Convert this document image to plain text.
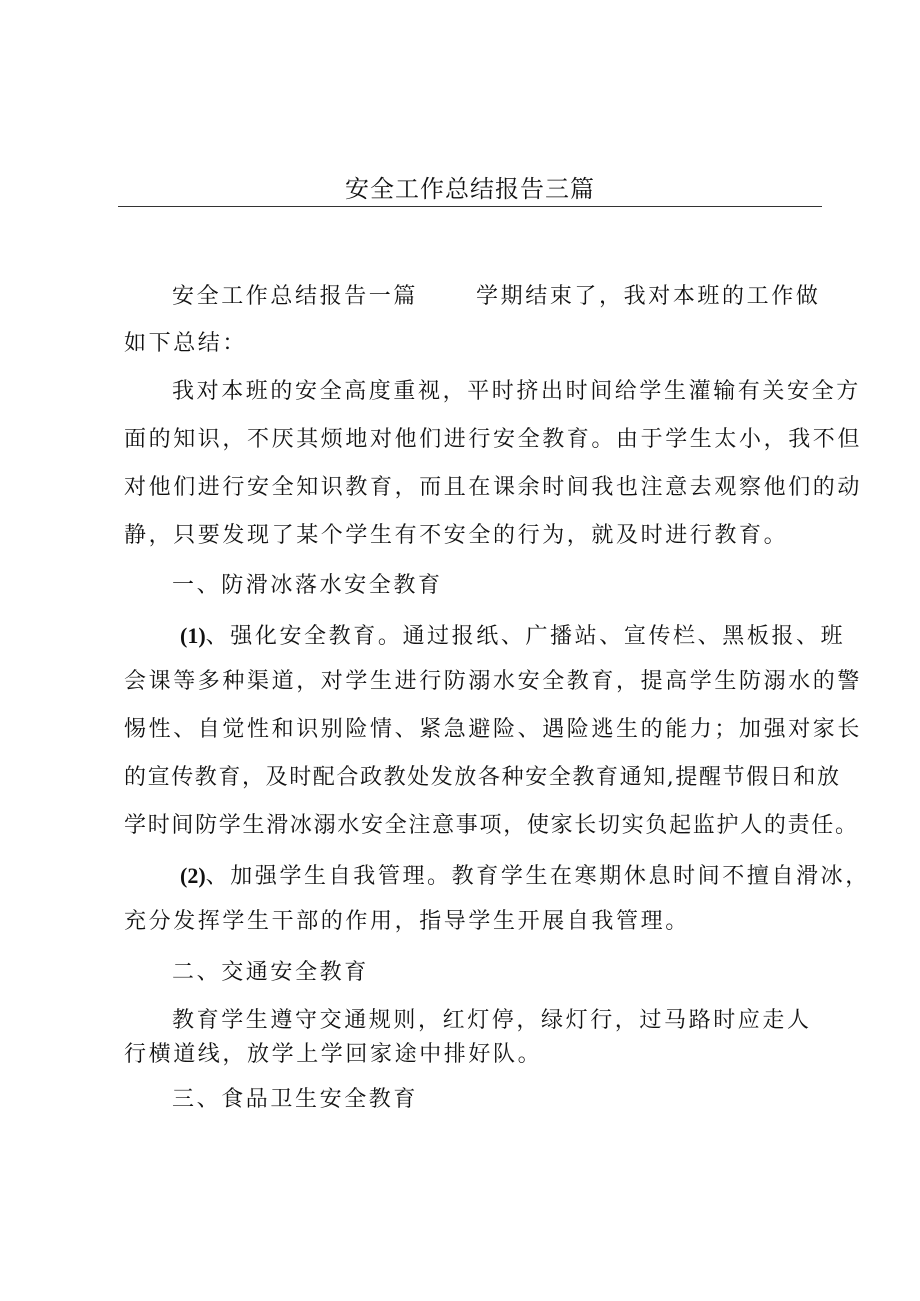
安全工作总结报告三篇
安全工作总结报告一篇	学期结束了，我对本班的工作做
如下总结：
我对本班的安全高度重视，平时挤出时间给学生灌输有关安全方
面的知识，不厌其烦地对他们进行安全教育。由于学生太小，我不但
对他们进行安全知识教育，而且在课余时间我也注意去观察他们的动
静，只要发现了某个学生有不安全的行为，就及时进行教育。
一、防滑冰落水安全教育
(1)、强化安全教育。通过报纸、广播站、宣传栏、黑板报、班
会课等多种渠道，对学生进行防溺水安全教育，提高学生防溺水的警
惕性、自觉性和识别险情、紧急避险、遇险逃生的能力；加强对家长
的宣传教育，及时配合政教处发放各种安全教育通知,提醒节假日和放
学时间防学生滑冰溺水安全注意事项，使家长切实负起监护人的责任。
(2)、加强学生自我管理。教育学生在寒期休息时间不擅自滑冰，
充分发挥学生干部的作用，指导学生开展自我管理。
二、交通安全教育
教育学生遵守交通规则，红灯停，绿灯行，过马路时应走人
行横道线，放学上学回家途中排好队。
三、食品卫生安全教育
